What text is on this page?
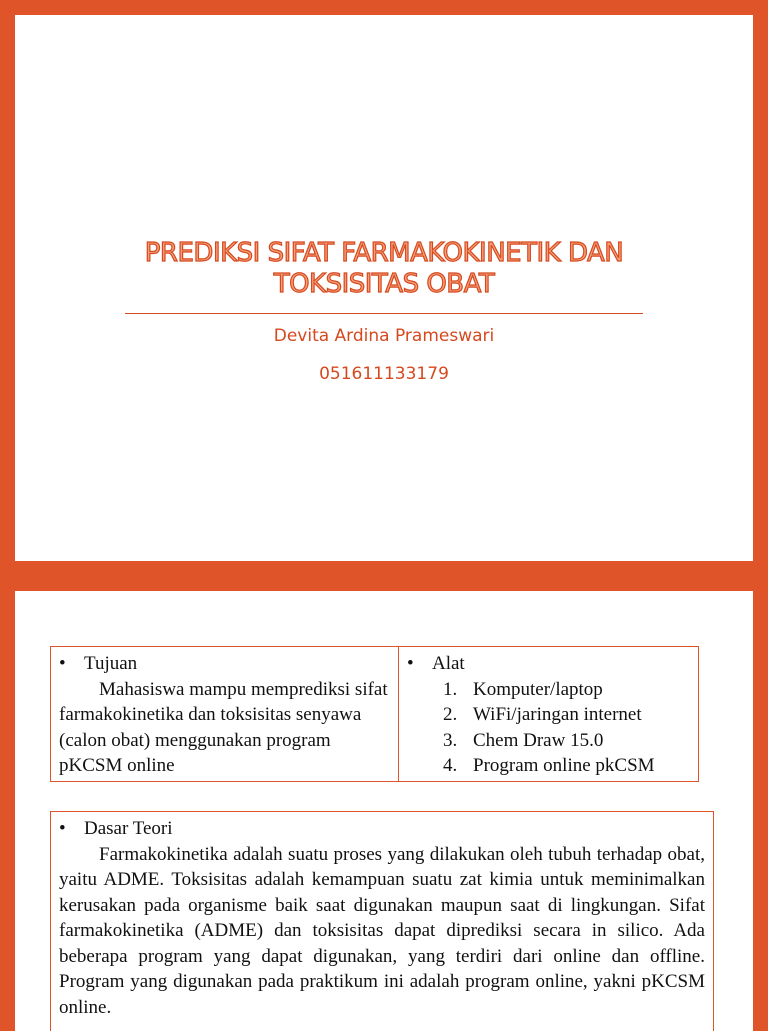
PREDIKSI SIFAT FARMAKOKINETIK DAN
TOKSISITAS OBAT
Devita Ardina Prameswari
051611133179
• Tujuan

Mahasiswa mampu memprediksi sifat farmakokinetika dan toksisitas senyawa (calon obat) menggunakan program pKCSM online

• Alat
1. Komputer/laptop
2. WiFi/jaringan internet
3. Chem Draw 15.0
4. Program online pkCSM
• Dasar Teori

Farmakokinetika adalah suatu proses yang dilakukan oleh tubuh terhadap obat, yaitu ADME. Toksisitas adalah kemampuan suatu zat kimia untuk meminimalkan kerusakan pada organisme baik saat digunakan maupun saat di lingkungan. Sifat farmakokinetika (ADME) dan toksisitas dapat diprediksi secara in silico. Ada beberapa program yang dapat digunakan, yang terdiri dari online dan offline. Program yang digunakan pada praktikum ini adalah program online, yakni pKCSM online.
